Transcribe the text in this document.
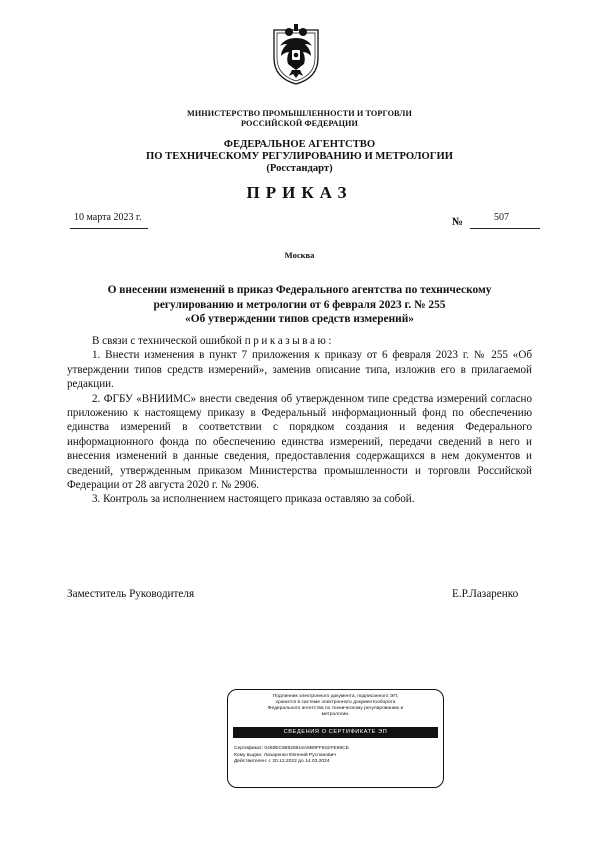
МИНИСТЕРСТВО ПРОМЫШЛЕННОСТИ И ТОРГОВЛИ
РОССИЙСКОЙ ФЕДЕРАЦИИ
ФЕДЕРАЛЬНОЕ АГЕНТСТВО
ПО ТЕХНИЧЕСКОМУ РЕГУЛИРОВАНИЮ И МЕТРОЛОГИИ
(Росстандарт)
ПРИКАЗ
10 марта 2023 г.	№	507
Москва
О внесении изменений в приказ Федерального агентства по техническому
регулированию и метрологии от 6 февраля 2023 г. № 255
«Об утверждении типов средств измерений»

В связи с технической ошибкой приказываю:

1. Внести изменения в пункт 7 приложения к приказу от 6 февраля 2023 г. № 255 «Об утверждении типов средств измерений», заменив описание типа, изложив его в прилагаемой редакции.

2. ФГБУ «ВНИИМС» внести сведения об утвержденном типе средства измерений согласно приложению к настоящему приказу в Федеральный информационный фонд по обеспечению единства измерений в соответствии с порядком создания и ведения Федерального информационного фонда по обеспечению единства измерений, передачи сведений в него и внесения изменений в данные сведения, предоставления содержащихся в нем документов и сведений, утвержденным приказом Министерства промышленности и торговли Российской Федерации от 28 августа 2020 г. № 2906.

3. Контроль за исполнением настоящего приказа оставляю за собой.

Заместитель Руководителя	Е.Р.Лазаренко
Подлинник электронного документа, подписанного ЭП,
хранится в системе электронного документооборота
Федерального агентства по техническому регулированию и
метрологии.
СВЕДЕНИЯ О СЕРТИФИКАТЕ ЭП
Сертификат: 0460ЕС86926916А5В9FF91ЕFЕ69СЕ
Кому выдан: Лазаренко Евгений Русланович
Действителен: с 20.12.2022 до 14.03.2024
